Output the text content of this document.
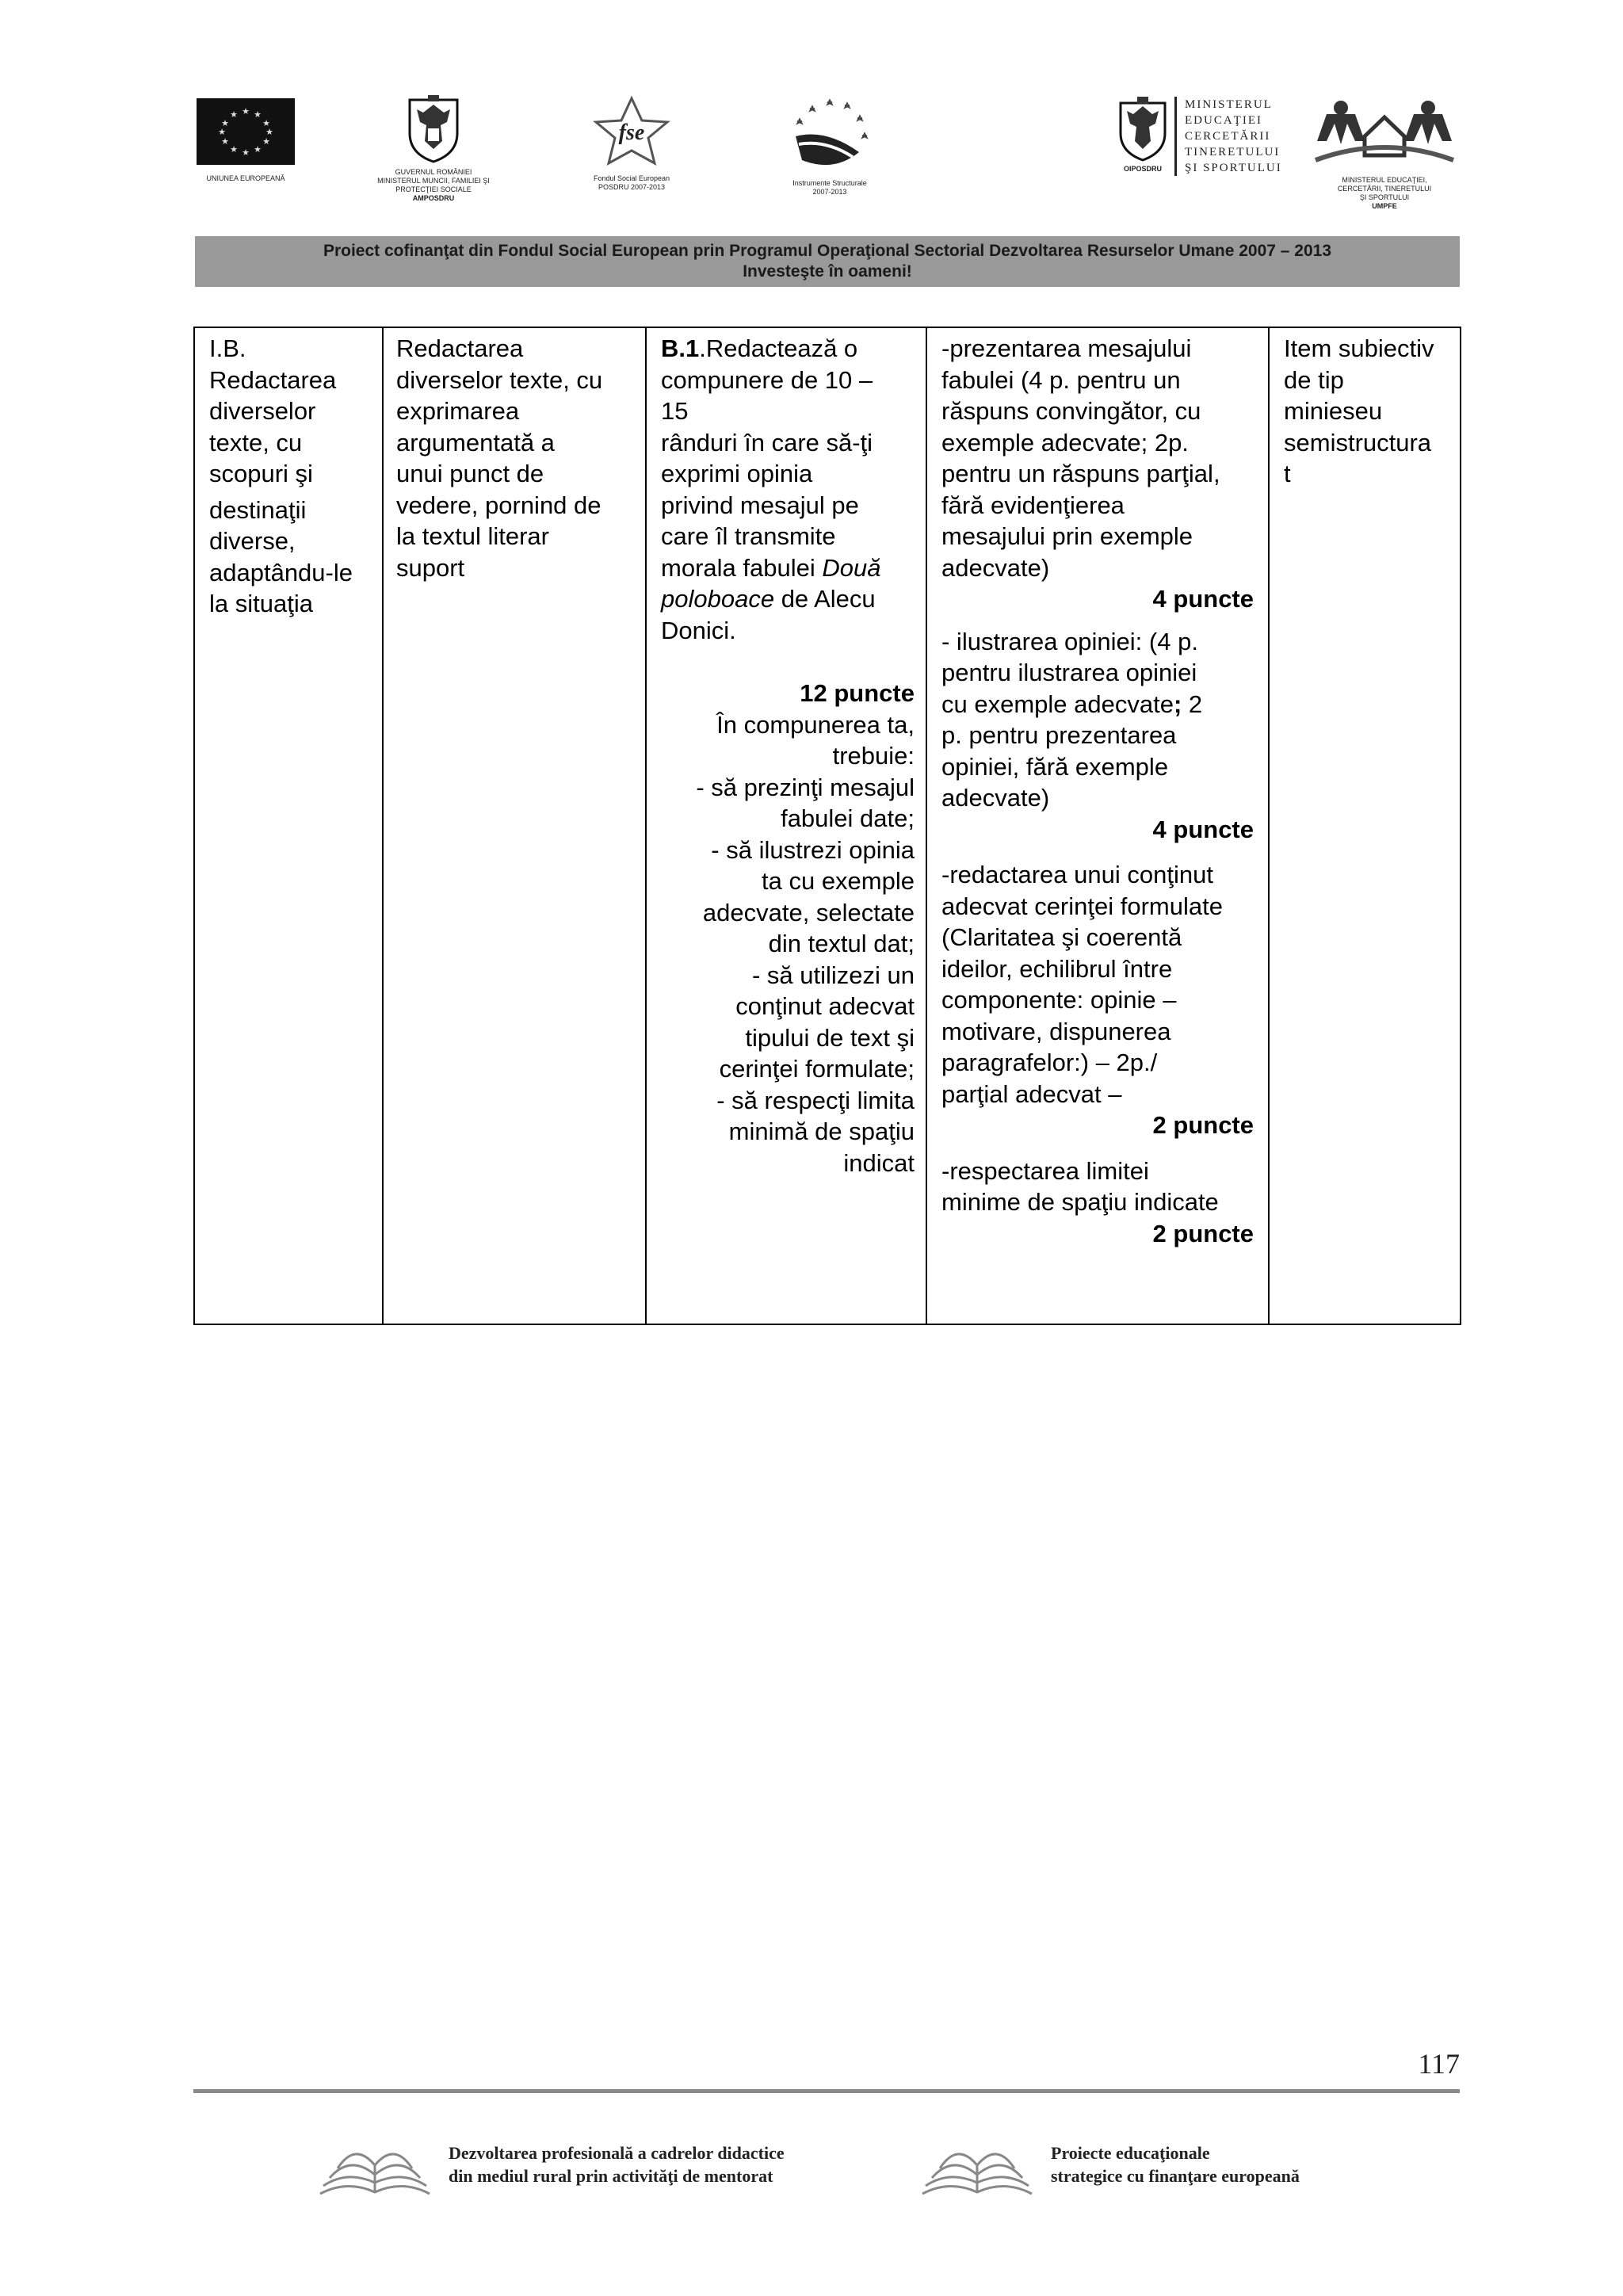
★ ★
★
★
★
★
★
★
★
★
★
★
UNIUNEA EUROPEANĂ
GUVERNUL ROMÂNIEI
MINISTERUL MUNCII, FAMILIEI ŞI
PROTECŢIEI SOCIALE
AMPOSDRU
fse
Fondul Social European
POSDRU 2007-2013	Instrumente Structurale
2007-2013
MINISTERUL
EDUCAŢIEI
CERCETĂRII
TINERETULUI
ŞI SPORTULUI
OIPOSDRU
MINISTERUL EDUCAŢIEI,
CERCETĂRII, TINERETULUI
ŞI SPORTULUI
UMPFE
Proiect cofinanţat din Fondul Social European prin Programul Operaţional Sectorial Dezvoltarea Resurselor Umane 2007 – 2013
Investeşte în oameni!
I.B.
Redactarea
diverselor
texte, cu
scopuri şi
destinaţii
diverse,
adaptându-le
la situaţia
Redactarea
diverselor texte, cu
exprimarea
argumentată a
unui punct de
vedere, pornind de
la textul literar
suport
B.1.Redactează o
compunere de 10 –
15
rânduri în care să-ţi
exprimi opinia
privind mesajul pe
care îl transmite
morala fabulei Două
poloboace de Alecu
Donici.
12 puncte
În compunerea ta,
trebuie:
- să prezinţi mesajul
fabulei date;
- să ilustrezi opinia
ta cu exemple
adecvate, selectate
din textul dat;
- să utilizezi un
conţinut adecvat
tipului de text şi
cerinţei formulate;
- să respecţi limita
minimă de spaţiu
indicat
-prezentarea mesajului
fabulei (4 p. pentru un
răspuns convingător, cu
exemple adecvate; 2p.
pentru un răspuns parţial,
fără evidenţierea
mesajului prin exemple
adecvate)
4 puncte
- ilustrarea opiniei: (4 p.
pentru ilustrarea opiniei
cu exemple adecvate; 2
p. pentru prezentarea
opiniei, fără exemple
adecvate)
4 puncte
-redactarea unui conţinut
adecvat cerinţei formulate
(Claritatea şi coerentă
ideilor, echilibrul între
componente: opinie –
motivare, dispunerea
paragrafelor:) – 2p./
parţial adecvat –
2 puncte
-respectarea limitei
minime de spaţiu indicate
2 puncte
Item subiectiv
de tip
minieseu
semistructura
t
117
Dezvoltarea profesională a cadrelor didactice
din mediul rural prin activităţi de mentorat
Proiecte educaţionale
strategice cu finanţare europeană
